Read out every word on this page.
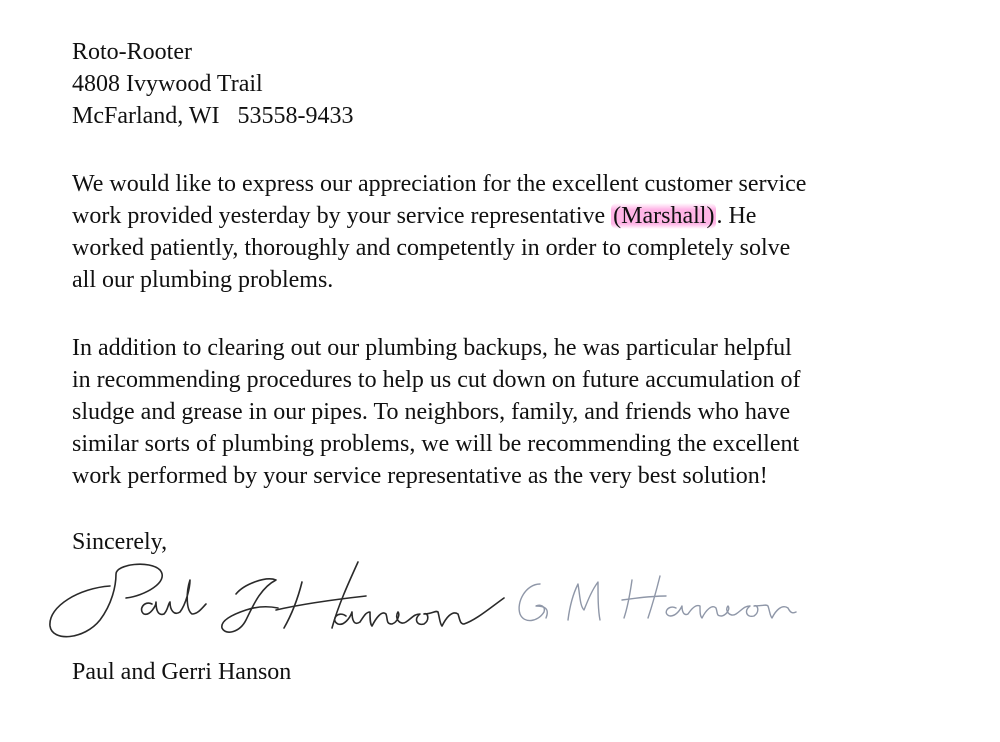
Roto-Rooter
4808 Ivywood Trail
McFarland, WI   53558-9433
We would like to express our appreciation for the excellent customer service
work provided yesterday by your service representative (Marshall). He
worked patiently, thoroughly and competently in order to completely solve
all our plumbing problems.
In addition to clearing out our plumbing backups, he was particular helpful
in recommending procedures to help us cut down on future accumulation of
sludge and grease in our pipes. To neighbors, family, and friends who have
similar sorts of plumbing problems, we will be recommending the excellent
work performed by your service representative as the very best solution!
Sincerely,
Paul and Gerri Hanson
